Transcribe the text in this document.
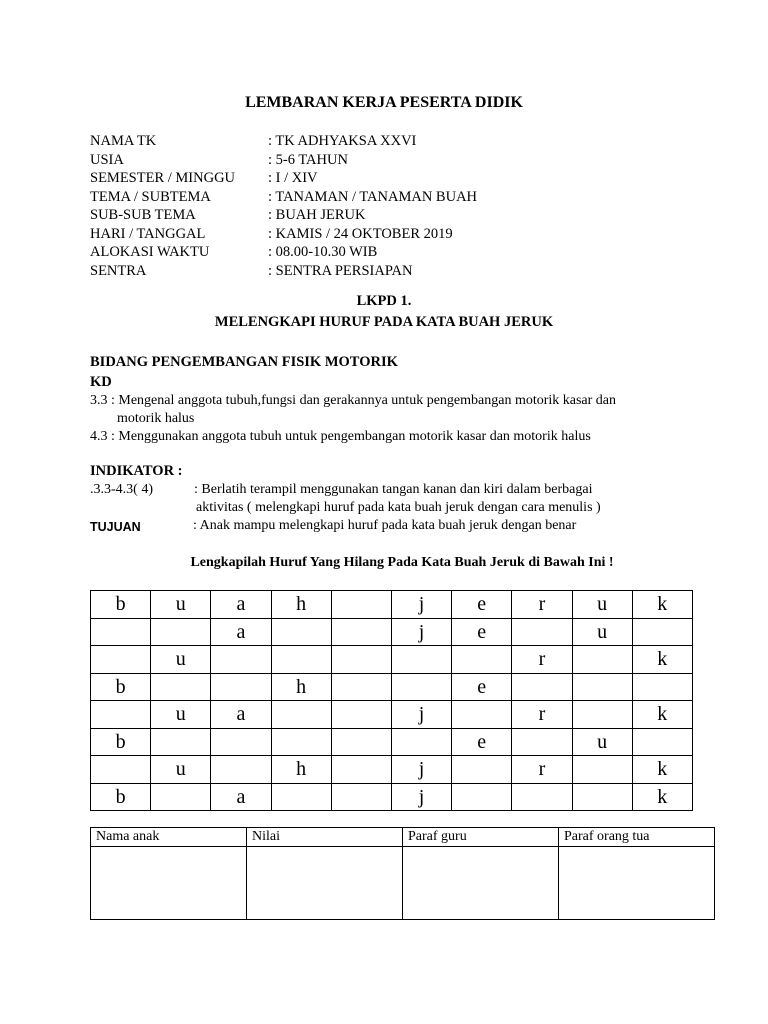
LEMBARAN KERJA PESERTA DIDIK
NAMA TK	: TK ADHYAKSA XXVI
USIA	: 5-6 TAHUN
SEMESTER / MINGGU	: I / XIV
TEMA / SUBTEMA	: TANAMAN / TANAMAN BUAH
SUB-SUB TEMA	: BUAH JERUK
HARI / TANGGAL	: KAMIS / 24 OKTOBER 2019
ALOKASI WAKTU	: 08.00-10.30 WIB
SENTRA	: SENTRA PERSIAPAN
LKPD 1.
MELENGKAPI HURUF PADA KATA BUAH JERUK
BIDANG PENGEMBANGAN FISIK MOTORIK
KD
3.3 : Mengenal anggota tubuh,fungsi dan gerakannya untuk pengembangan motorik kasar dan
motorik halus
4.3 : Menggunakan anggota tubuh untuk pengembangan motorik kasar dan motorik halus
INDIKATOR :
.3.3-4.3( 4)	: Berlatih terampil menggunakan tangan kanan dan kiri dalam berbagai
aktivitas ( melengkapi huruf pada kata buah jeruk dengan cara menulis )
TUJUAN	: Anak mampu melengkapi huruf pada kata buah jeruk dengan benar
Lengkapilah Huruf Yang Hilang Pada Kata Buah Jeruk di Bawah Ini !
b	u	a	h		j	e	r	u	k
		a			j	e		u	
	u						r		k
b			h			e			
	u	a			j		r		k
b						e		u	
	u		h		j		r		k
b		a			j				k
Nama anak	Nilai	Paraf guru	Paraf orang tua
